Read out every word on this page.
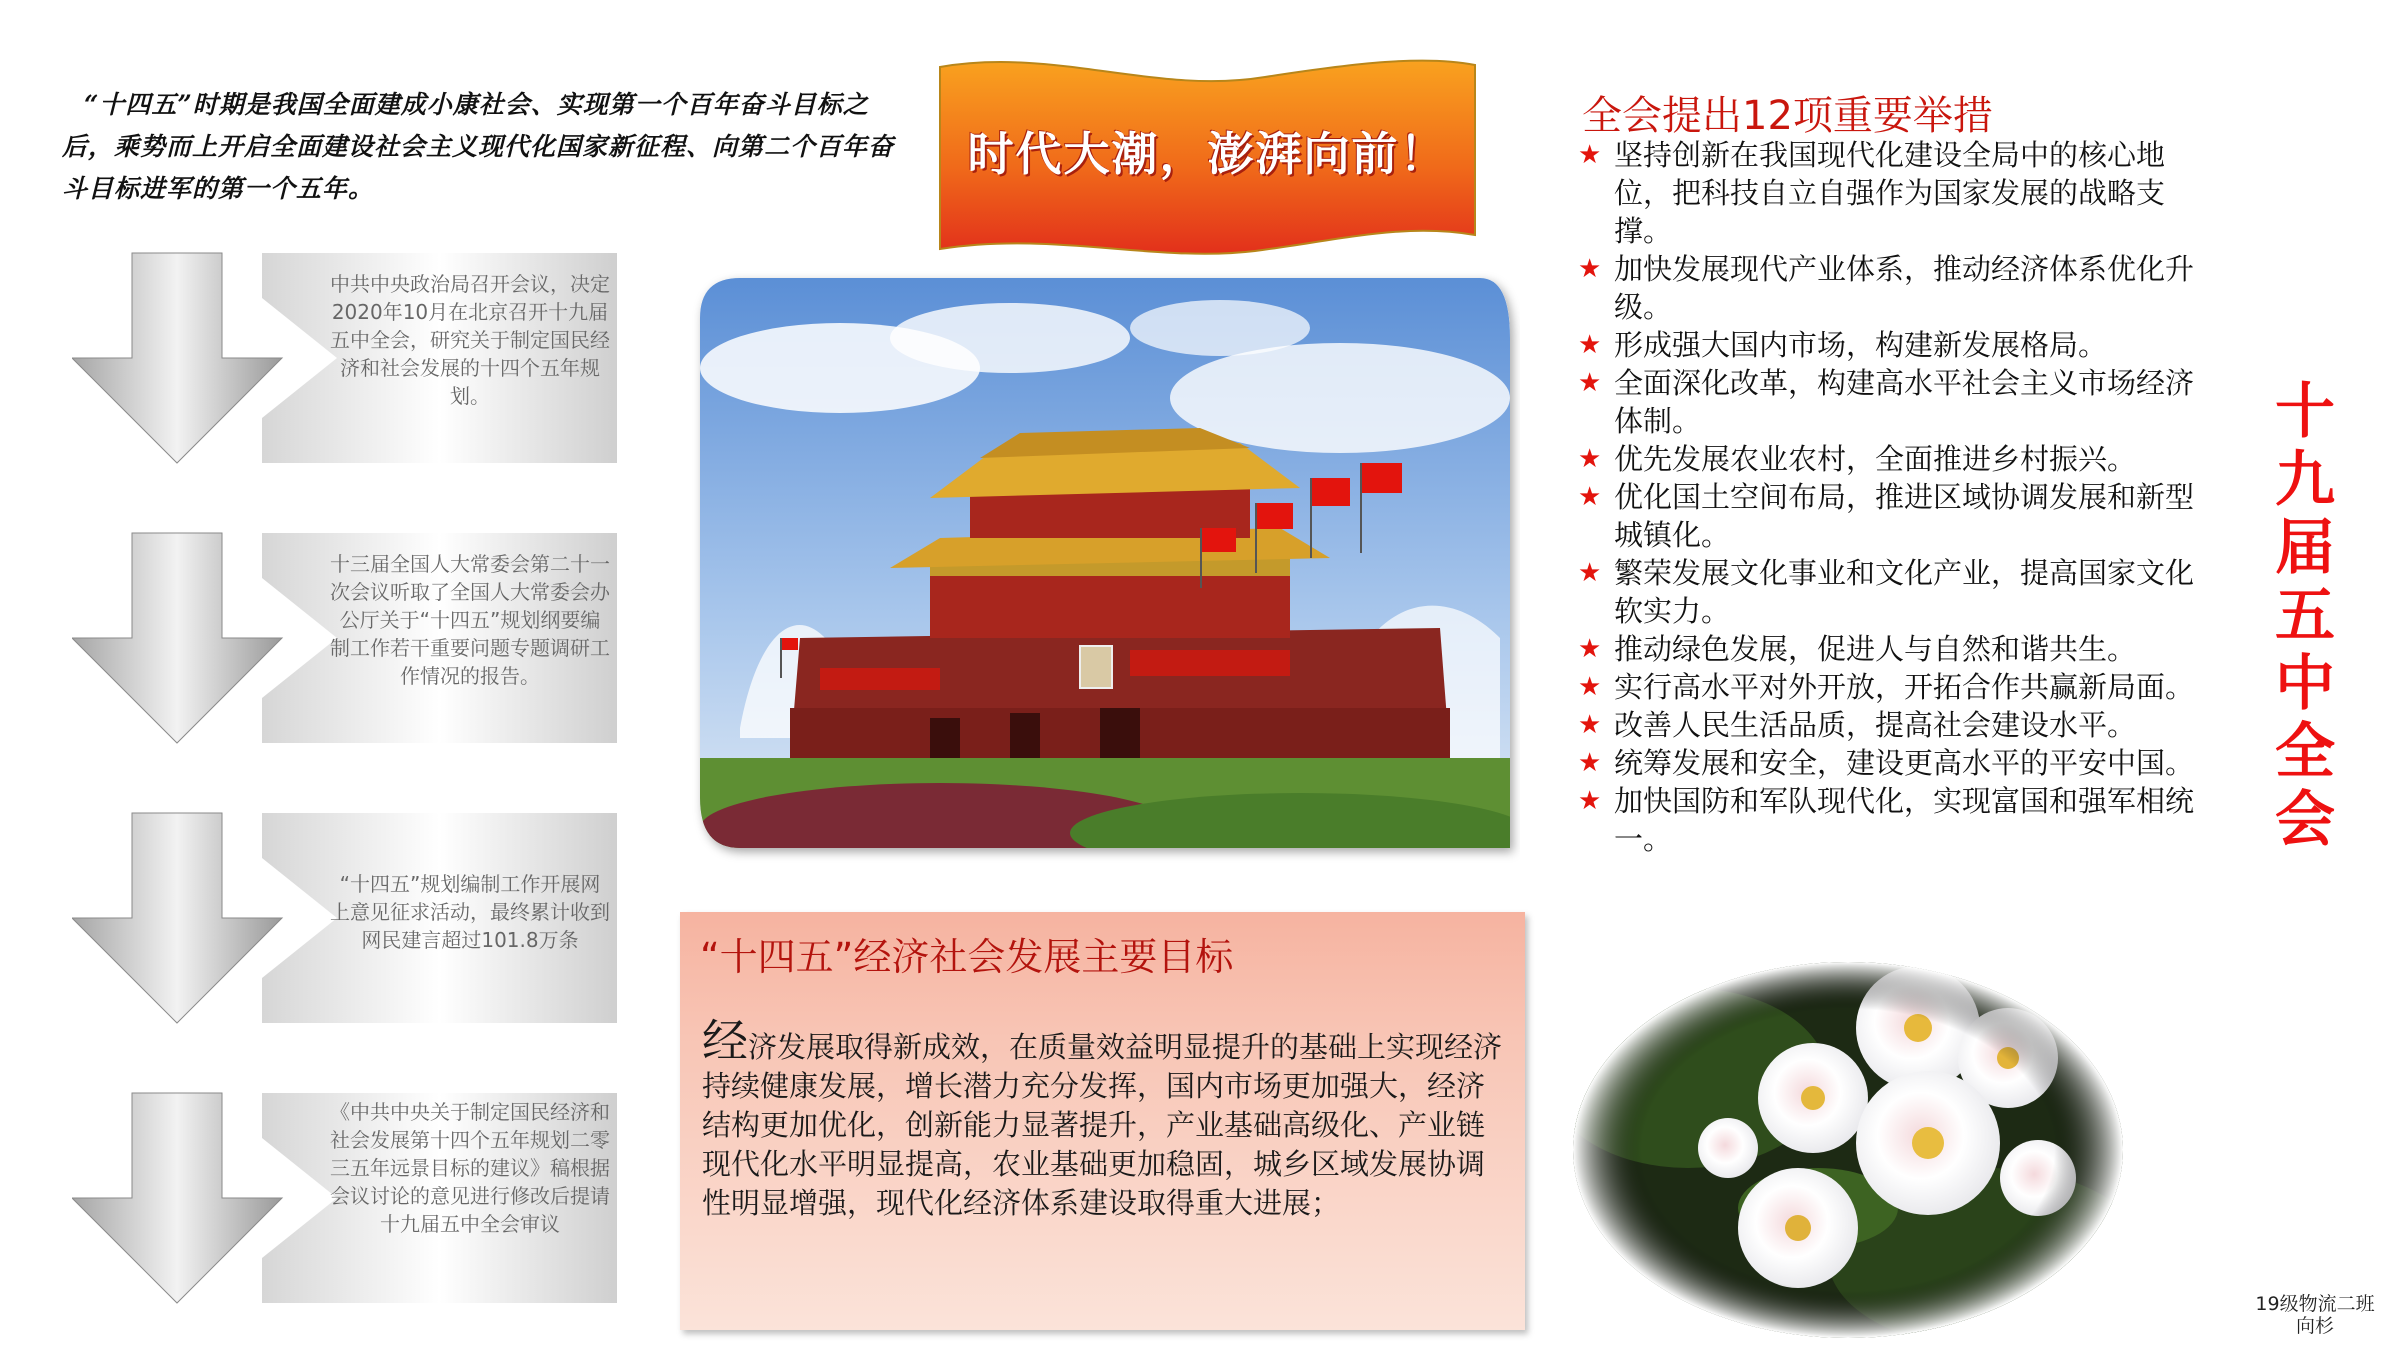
“十四五”时期是我国全面建成小康社会、实现第一个百年奋斗目标之后，乘势而上开启全面建设社会主义现代化国家新征程、向第二个百年奋斗目标进军的第一个五年。
时代大潮，澎湃向前！
中共中央政治局召开会议，决定2020年10月在北京召开十九届五中全会，研究关于制定国民经济和社会发展的十四个五年规划。
十三届全国人大常委会第二十一次会议听取了全国人大常委会办公厅关于“十四五”规划纲要编制工作若干重要问题专题调研工作情况的报告。
“十四五”规划编制工作开展网上意见征求活动，最终累计收到网民建言超过101.8万条
《中共中央关于制定国民经济和社会发展第十四个五年规划二零三五年远景目标的建议》稿根据会议讨论的意见进行修改后提请十九届五中全会审议
“十四五”经济社会发展主要目标
经济发展取得新成效，在质量效益明显提升的基础上实现经济持续健康发展，增长潜力充分发挥，国内市场更加强大，经济结构更加优化，创新能力显著提升，产业基础高级化、产业链现代化水平明显提高，农业基础更加稳固，城乡区域发展协调性明显增强，现代化经济体系建设取得重大进展；
全会提出12项重要举措
★ 坚持创新在我国现代化建设全局中的核心地位，把科技自立自强作为国家发展的战略支撑。
★ 加快发展现代产业体系，推动经济体系优化升级。
★ 形成强大国内市场，构建新发展格局。
★ 全面深化改革，构建高水平社会主义市场经济体制。
★ 优先发展农业农村，全面推进乡村振兴。
★ 优化国土空间布局，推进区域协调发展和新型城镇化。
★ 繁荣发展文化事业和文化产业，提高国家文化软实力。
★ 推动绿色发展，促进人与自然和谐共生。
★ 实行高水平对外开放，开拓合作共赢新局面。
★ 改善人民生活品质，提高社会建设水平。
★ 统筹发展和安全，建设更高水平的平安中国。
★ 加快国防和军队现代化，实现富国和强军相统一。
十九届五中全会
19级物流二班
向杉
